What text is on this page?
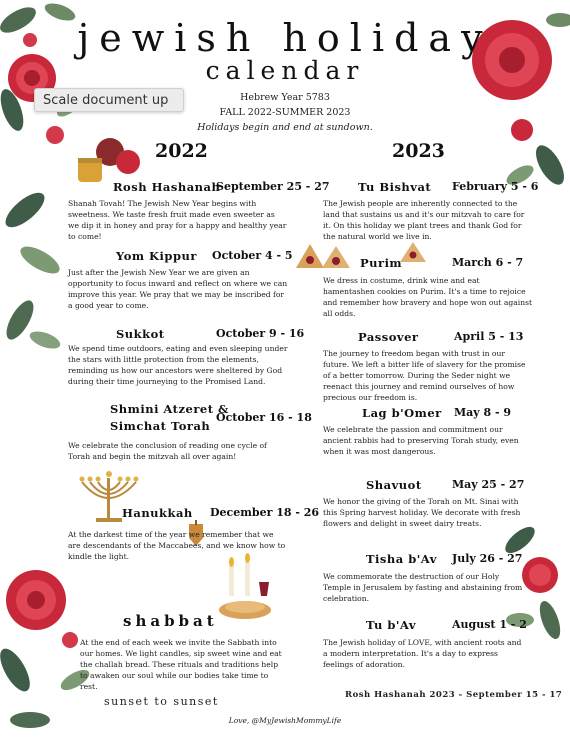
jewish holiday
calendar
Hebrew Year 5783
FALL 2022-SUMMER 2023
Holidays begin and end at sundown.
Scale document up
2022	2023
Rosh Hashanah
September 25 - 27
Shanah Tovah! The Jewish New Year begins with sweetness. We taste fresh fruit made even sweeter as we dip it in honey and pray for a happy and healthy year to come!
Yom Kippur October 4 - 5
Just after the Jewish New Year we are given an opportunity to focus inward and reflect on where we can improve this year. We pray that we may be inscribed for a good year to come.
Sukkot	October 9 - 16
We spend time outdoors, eating and even sleeping under the stars with little protection from the elements, reminding us how our ancestors were sheltered by God during their time journeying to the Promised Land.
Shmini Atzeret &
Simchat Torah
October 16 - 18
We celebrate the conclusion of reading one cycle of Torah and begin the mitzvah all over again!
Hanukkah December 18 - 26
At the darkest time of the year we remember that we are descendants of the Maccabees, and we know how to kindle the light.
shabbat
At the end of each week we invite the Sabbath into our homes. We light candles, sip sweet wine and eat the challah bread. These rituals and traditions help to awaken our soul while our bodies take time to rest.
sunset to sunset
Tu Bishvat February 5 - 6
The Jewish people are inherently connected to the land that sustains us and it's our mitzvah to care for it. On this holiday we plant trees and thank God for the natural world we live in.
Purim	March 6 - 7
We dress in costume, drink wine and eat hamentashen cookies on Purim. It's a time to rejoice and remember how bravery and hope won out against all odds.
Passover	April 5 - 13
The journey to freedom began with trust in our future. We left a bitter life of slavery for the promise of a better tomorrow. During the Seder night we reenact this journey and remind ourselves of how precious our freedom is.
Lag b'Omer May 8 - 9
We celebrate the passion and commitment our ancient rabbis had to preserving Torah study, even when it was most dangerous.
Shavuot	May 25 - 27
We honor the giving of the Torah on Mt. Sinai with this Spring harvest holiday. We decorate with fresh flowers and delight in sweet dairy treats.
Tisha b'Av July 26 - 27
We commemorate the destruction of our Holy Temple in Jerusalem by fasting and abstaining from celebration.
Tu b'Av	August 1 - 2
The Jewish holiday of LOVE, with ancient roots and a modern interpretation. It's a day to express feelings of adoration.
Rosh Hashanah 2023 - September 15 - 17
Love, @MyJewishMommyLife
